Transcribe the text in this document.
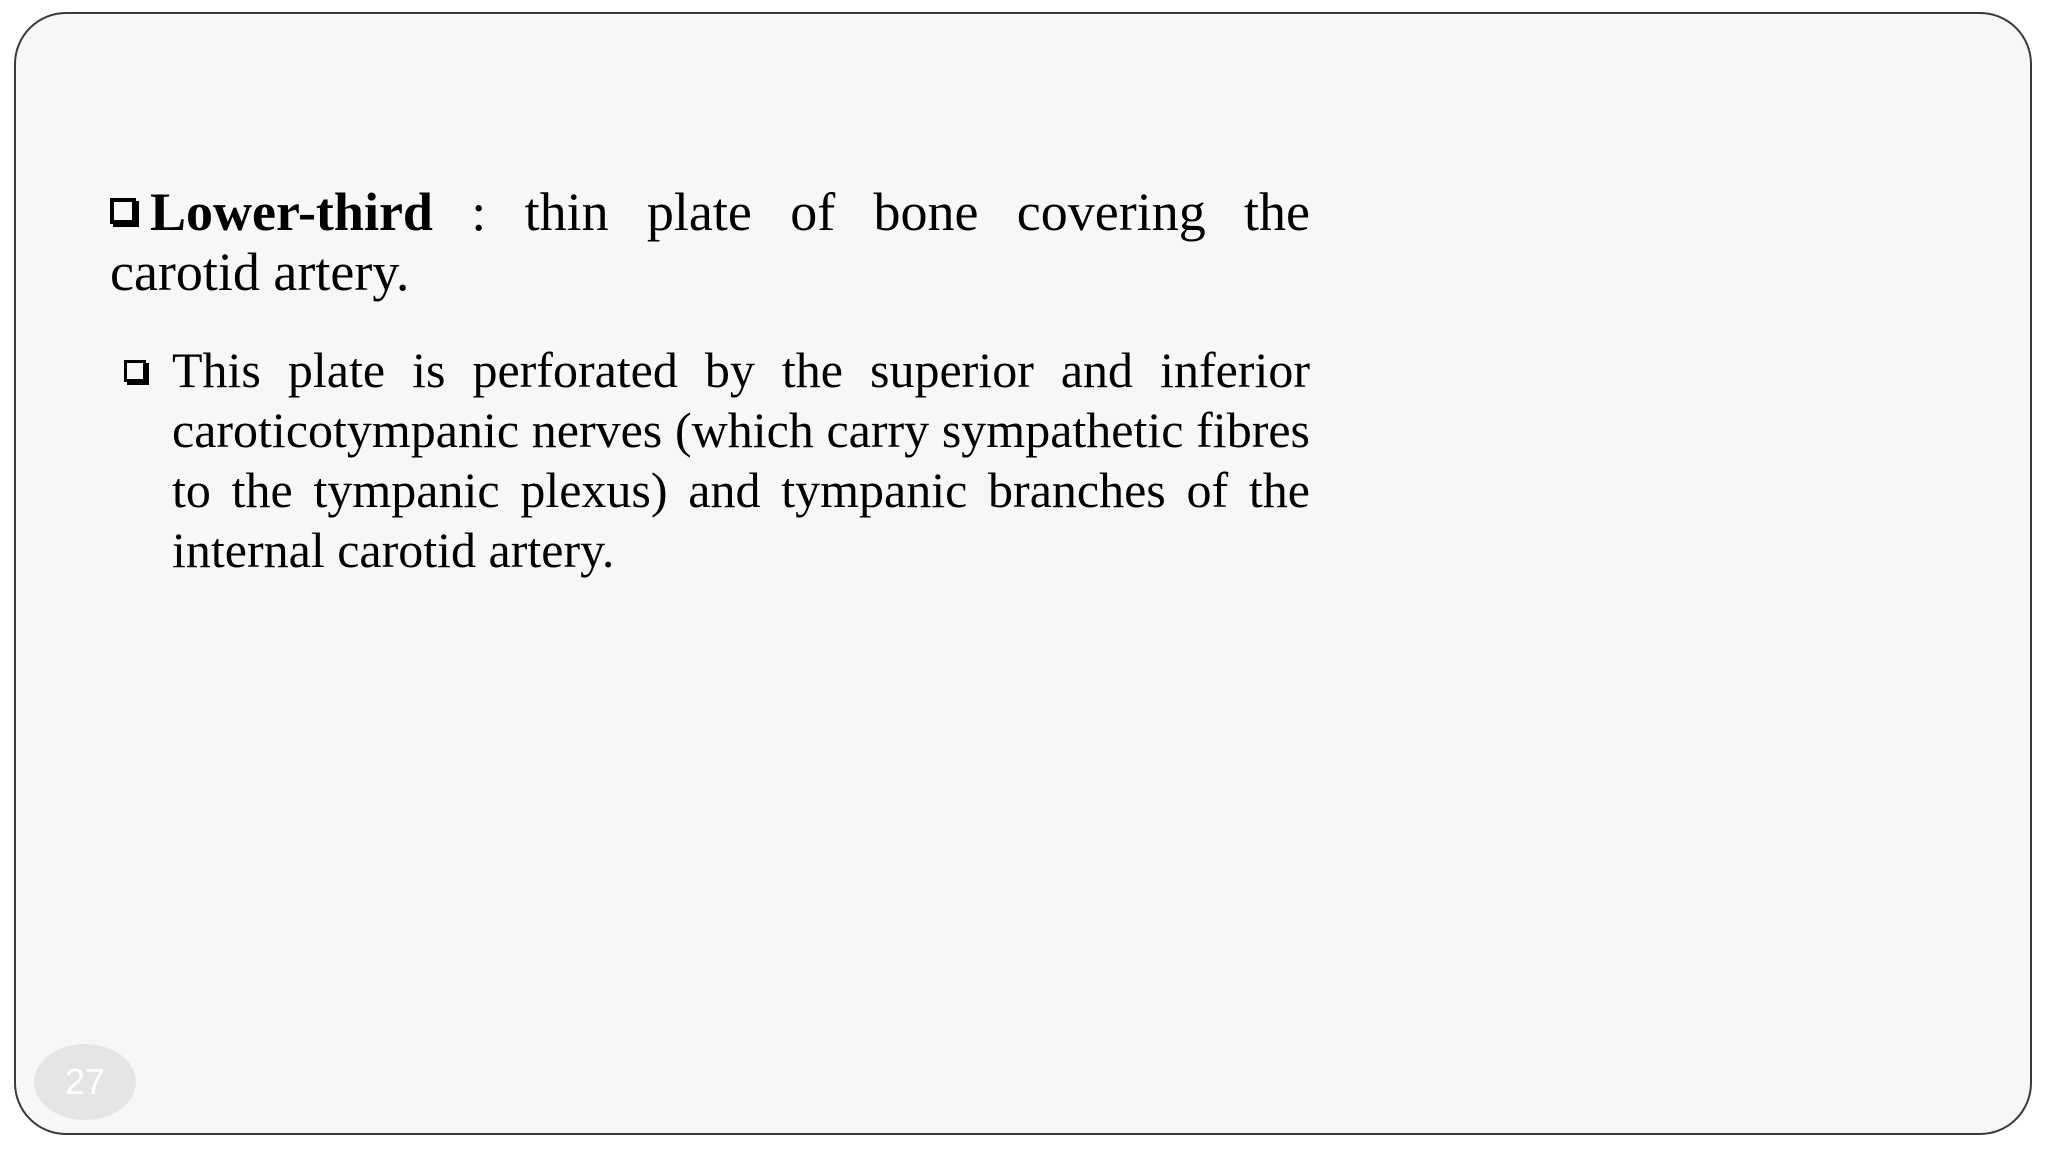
Lower-third : thin plate of bone covering the
carotid artery.
This plate is perforated by the superior and inferior caroticotympanic nerves (which carry sympathetic fibres to the tympanic plexus) and tympanic branches of the internal carotid artery.
27
